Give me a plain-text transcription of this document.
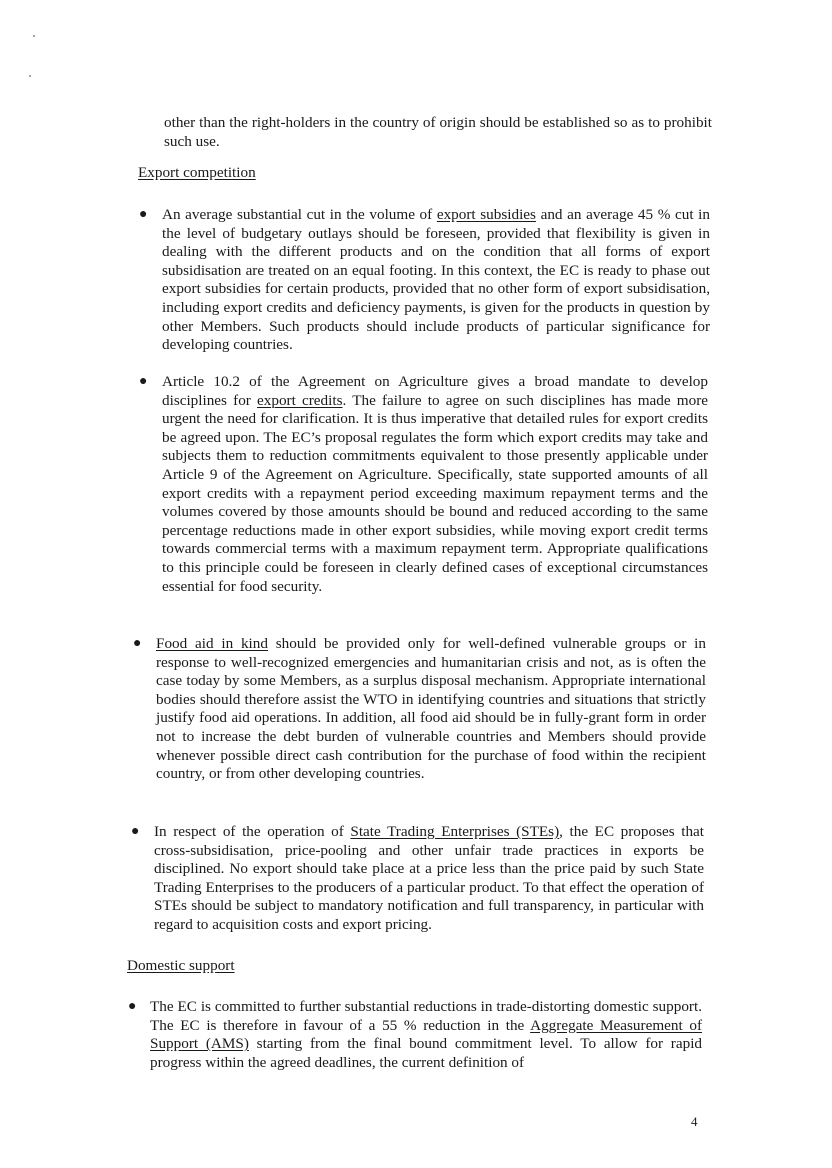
other than the right-holders in the country of origin should be established so as to prohibit such use.

Export competition

● An average substantial cut in the volume of export subsidies and an average 45 % cut in the level of budgetary outlays should be foreseen, provided that flexibility is given in dealing with the different products and on the condition that all forms of export subsidisation are treated on an equal footing. In this context, the EC is ready to phase out export subsidies for certain products, provided that no other form of export subsidisation, including export credits and deficiency payments, is given for the products in question by other Members. Such products should include products of particular significance for developing countries.

● Article 10.2 of the Agreement on Agriculture gives a broad mandate to develop disciplines for export credits. The failure to agree on such disciplines has made more urgent the need for clarification. It is thus imperative that detailed rules for export credits be agreed upon. The EC’s proposal regulates the form which export credits may take and subjects them to reduction commitments equivalent to those presently applicable under Article 9 of the Agreement on Agriculture. Specifically, state supported amounts of all export credits with a repayment period exceeding maximum repayment terms and the volumes covered by those amounts should be bound and reduced according to the same percentage reductions made in other export subsidies, while moving export credit terms towards commercial terms with a maximum repayment term. Appropriate qualifications to this principle could be foreseen in clearly defined cases of exceptional circumstances essential for food security.

● Food aid in kind should be provided only for well-defined vulnerable groups or in response to well-recognized emergencies and humanitarian crisis and not, as is often the case today by some Members, as a surplus disposal mechanism. Appropriate international bodies should therefore assist the WTO in identifying countries and situations that strictly justify food aid operations. In addition, all food aid should be in fully-grant form in order not to increase the debt burden of vulnerable countries and Members should provide whenever possible direct cash contribution for the purchase of food within the recipient country, or from other developing countries.

● In respect of the operation of State Trading Enterprises (STEs), the EC proposes that cross-subsidisation, price-pooling and other unfair trade practices in exports be disciplined. No export should take place at a price less than the price paid by such State Trading Enterprises to the producers of a particular product. To that effect the operation of STEs should be subject to mandatory notification and full transparency, in particular with regard to acquisition costs and export pricing.

Domestic support

● The EC is committed to further substantial reductions in trade-distorting domestic support. The EC is therefore in favour of a 55 % reduction in the Aggregate Measurement of Support (AMS) starting from the final bound commitment level. To allow for rapid progress within the agreed deadlines, the current definition of

4
